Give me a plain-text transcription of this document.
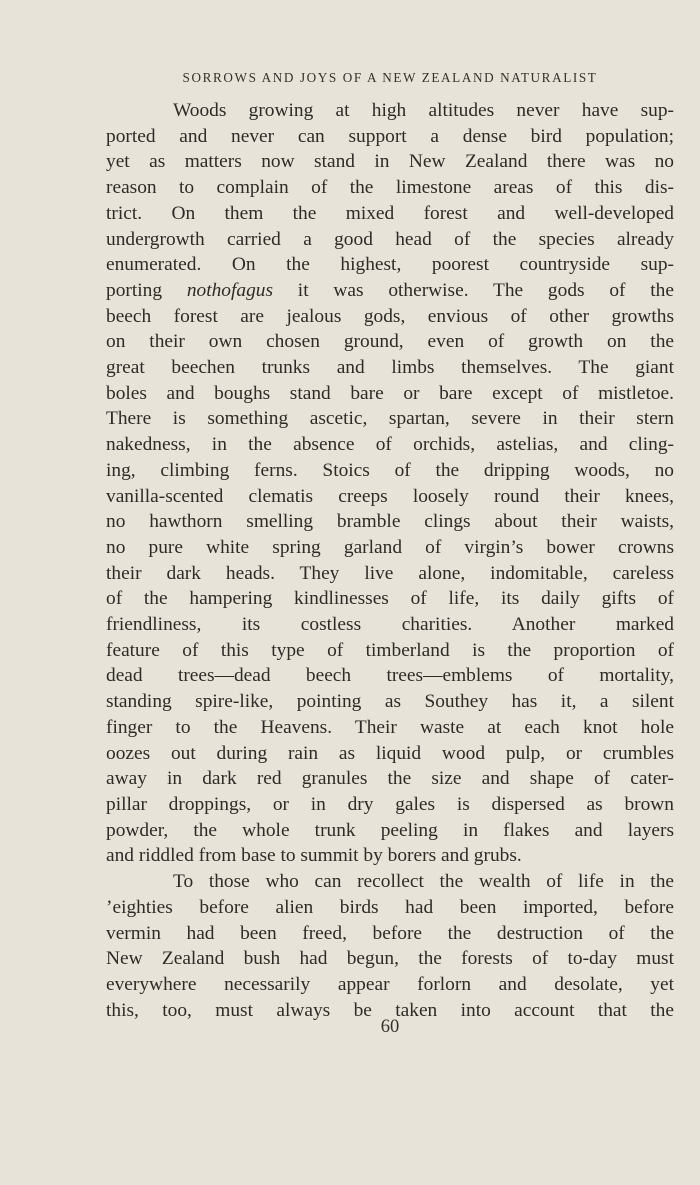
SORROWS AND JOYS OF A NEW ZEALAND NATURALIST
Woods growing at high altitudes never have sup-
ported and never can support a dense bird population;
yet as matters now stand in New Zealand there was no
reason to complain of the limestone areas of this dis-
trict. On them the mixed forest and well-developed
undergrowth carried a good head of the species already
enumerated. On the highest, poorest countryside sup-
porting nothofagus it was otherwise. The gods of the
beech forest are jealous gods, envious of other growths
on their own chosen ground, even of growth on the
great beechen trunks and limbs themselves. The giant
boles and boughs stand bare or bare except of mistletoe.
There is something ascetic, spartan, severe in their stern
nakedness, in the absence of orchids, astelias, and cling-
ing, climbing ferns. Stoics of the dripping woods, no
vanilla-scented clematis creeps loosely round their knees,
no hawthorn smelling bramble clings about their waists,
no pure white spring garland of virgin’s bower crowns
their dark heads. They live alone, indomitable, careless
of the hampering kindlinesses of life, its daily gifts of
friendliness, its costless charities. Another marked
feature of this type of timberland is the proportion of
dead trees—dead beech trees—emblems of mortality,
standing spire-like, pointing as Southey has it, a silent
finger to the Heavens. Their waste at each knot hole
oozes out during rain as liquid wood pulp, or crumbles
away in dark red granules the size and shape of cater-
pillar droppings, or in dry gales is dispersed as brown
powder, the whole trunk peeling in flakes and layers
and riddled from base to summit by borers and grubs.
To those who can recollect the wealth of life in the
’eighties before alien birds had been imported, before
vermin had been freed, before the destruction of the
New Zealand bush had begun, the forests of to-day must
everywhere necessarily appear forlorn and desolate, yet
this, too, must always be taken into account that the
60
